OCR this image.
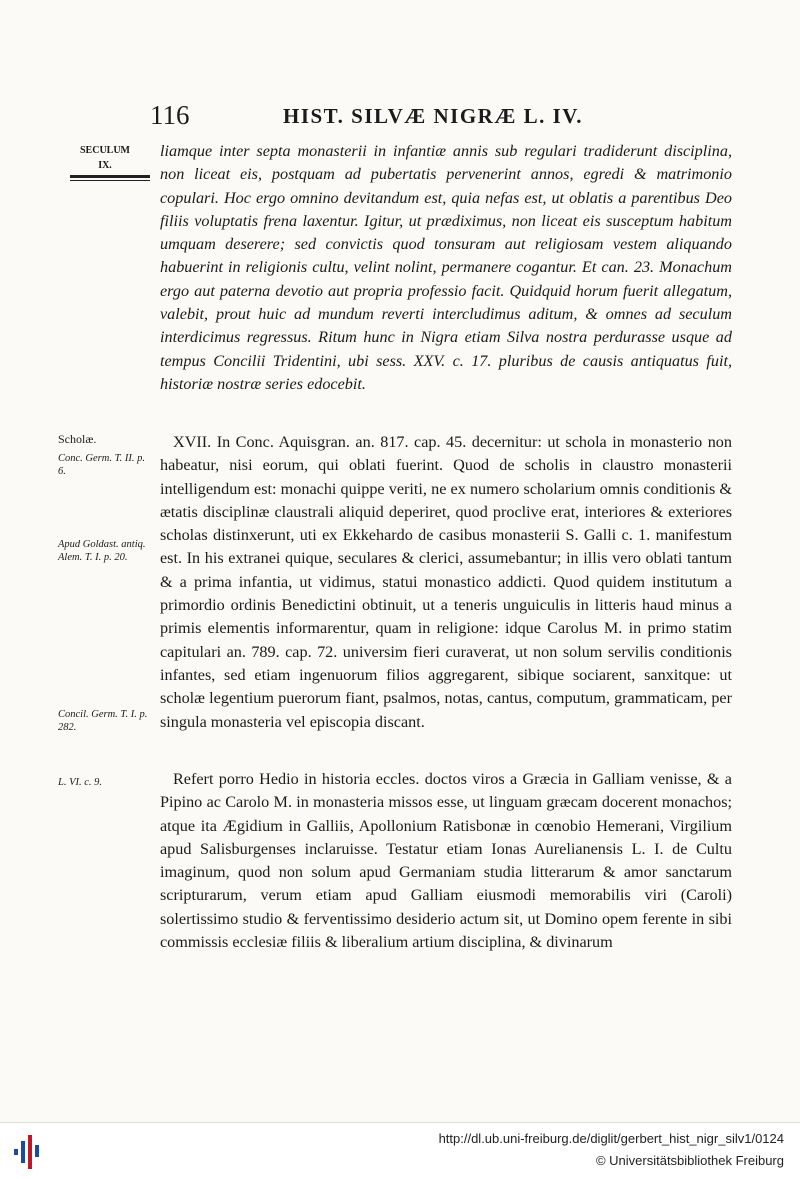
116	HIST. SILVÆ NIGRÆ L. IV.
SECULUM
IX.

liamque inter septa monasterii in infantiæ annis sub regulari tradiderunt disciplina, non liceat eis, postquam ad pubertatis pervenerint annos, egredi & matrimonio copulari. Hoc ergo omnino devitandum est, quia nefas est, ut oblatis a parentibus Deo filiis voluptatis frena laxentur. Igitur, ut prædiximus, non liceat eis susceptum habitum umquam deserere; sed convictis quod tonsuram aut religiosam vestem aliquando habuerint in religionis cultu, velint nolint, permanere cogantur. Et can. 23. Monachum ergo aut paterna devotio aut propria professio facit. Quidquid horum fuerit allegatum, valebit, prout huic ad mundum reverti intercludimus aditum, & omnes ad seculum interdicimus regressus. Ritum hunc in Nigra etiam Silva nostra perdurasse usque ad tempus Concilii Tridentini, ubi sess. XXV. c. 17. pluribus de causis antiquatus fuit, historiæ nostræ series edocebit.

Scholæ.
Conc. Germ. T. II. p. 6.
Apud Goldast. antiq. Alem. T. I. p. 20.
Concil. Germ. T. I. p. 282.
L. VI. c. 9.

XVII. In Conc. Aquisgran. an. 817. cap. 45. decernitur: ut schola in monasterio non habeatur, nisi eorum, qui oblati fuerint. Quod de scholis in claustro monasterii intelligendum est: monachi quippe veriti, ne ex numero scholarium omnis conditionis & ætatis disciplinæ claustrali aliquid deperiret, quod proclive erat, interiores & exteriores scholas distinxerunt, uti ex Ekkehardo de casibus monasterii S. Galli c. 1. manifestum est. In his extranei quique, seculares & clerici, assumebantur; in illis vero oblati tantum & a prima infantia, ut vidimus, statui monastico addicti. Quod quidem institutum a primordio ordinis Benedictini obtinuit, ut a teneris unguiculis in litteris haud minus a primis elementis informarentur, quam in religione: idque Carolus M. in primo statim capitulari an. 789. cap. 72. universim fieri curaverat, ut non solum servilis conditionis infantes, sed etiam ingenuorum filios aggregarent, sibique sociarent, sanxitque: ut scholæ legentium puerorum fiant, psalmos, notas, cantus, computum, grammaticam, per singula monasteria vel episcopia discant.

Refert porro Hedio in historia eccles. doctos viros a Græcia in Galliam venisse, & a Pipino ac Carolo M. in monasteria missos esse, ut linguam græcam docerent monachos; atque ita Ægidium in Galliis, Apollonium Ratisbonæ in cœnobio Hemerani, Virgilium apud Salisburgenses inclaruisse. Testatur etiam Ionas Aurelianensis L. I. de Cultu imaginum, quod non solum apud Germaniam studia litterarum & amor sanctarum scripturarum, verum etiam apud Galliam eiusmodi memorabilis viri (Caroli) solertissimo studio & ferventissimo desiderio actum sit, ut Domino opem ferente in sibi commissis ecclesiæ filiis & liberalium artium disciplina, & divinarum

http://dl.ub.uni-freiburg.de/diglit/gerbert_hist_nigr_silv1/0124
© Universitätsbibliothek Freiburg
